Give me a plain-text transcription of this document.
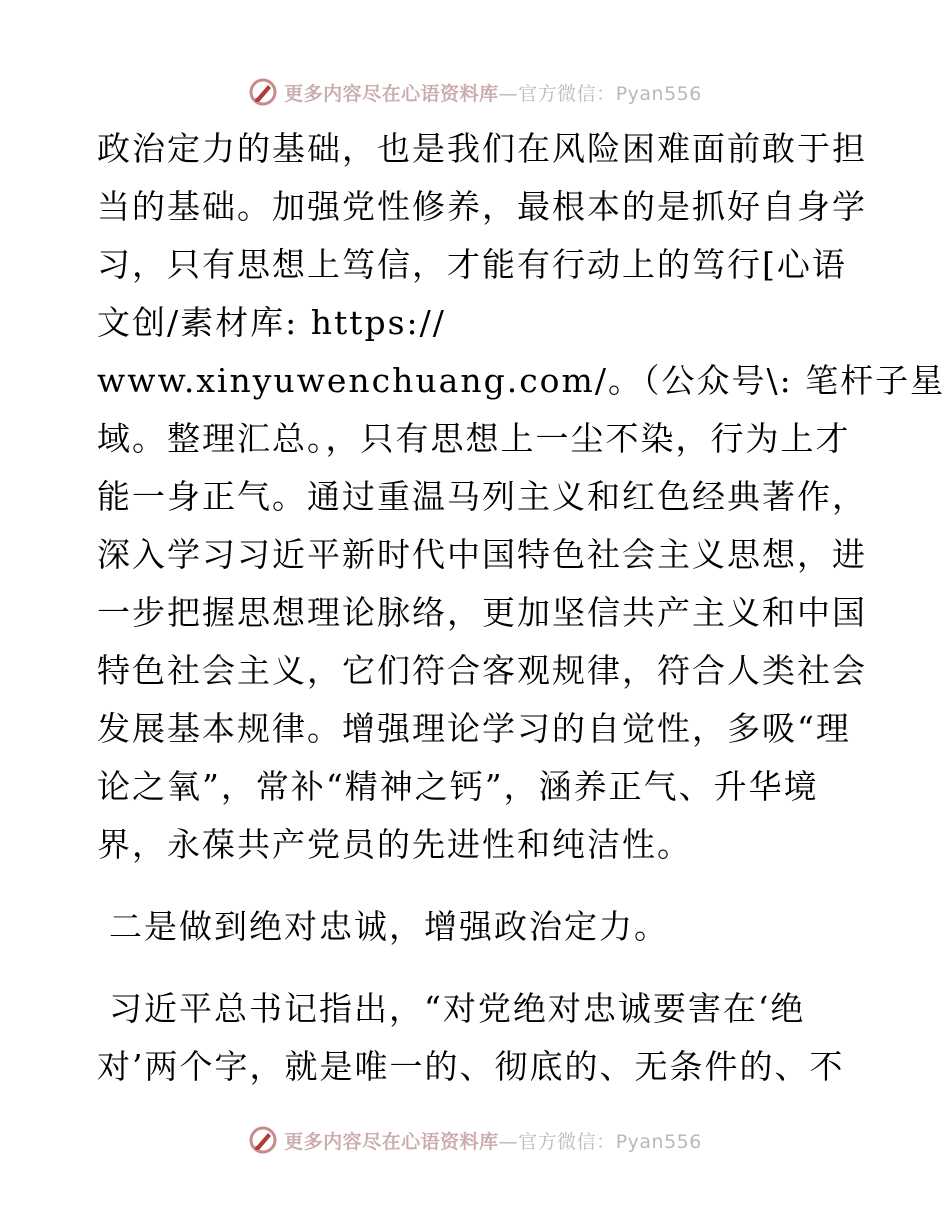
更多内容尽在心语资料库—官方微信：Pyan556

政治定力的基础，也是我们在风险困难面前敢于担
当的基础。加强党性修养，最根本的是抓好自身学
习，只有思想上笃信，才能有行动上的笃行[心语
文创/素材库: https://
www.xinyuwenchuang.com/。（公众号\: 笔杆子星
域。整理汇总。，只有思想上一尘不染，行为上才
能一身正气。通过重温马列主义和红色经典著作，
深入学习习近平新时代中国特色社会主义思想，进
一步把握思想理论脉络，更加坚信共产主义和中国
特色社会主义，它们符合客观规律，符合人类社会
发展基本规律。增强理论学习的自觉性，多吸“理
论之氧”，常补“精神之钙”，涵养正气、升华境
界，永葆共产党员的先进性和纯洁性。

二是做到绝对忠诚，增强政治定力。

习近平总书记指出，“对党绝对忠诚要害在‘绝
对’两个字，就是唯一的、彻底的、无条件的、不

更多内容尽在心语资料库—官方微信：Pyan556
